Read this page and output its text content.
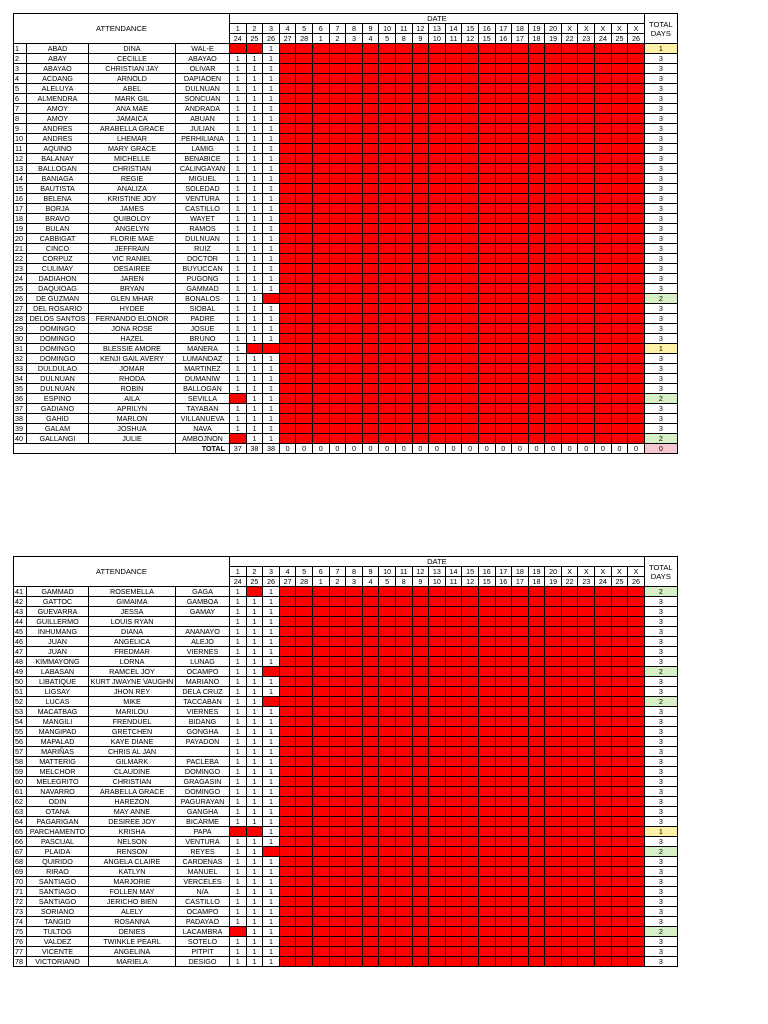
ATTENDANCE				DATE																									TOTAL
DAYS

				1	2	3	4	5	6	7	8	9	10	11	12	13	14	15	16	17	18	19	20	X	X	X	X	X	
				24	25	26	27	28	1	2	3	4	5	8	9	10	11	12	15	16	17	18	19	22	23	24	25	26	
1	ABAD	DINA	WAL-E			1																							1
2	ABAY	CECILLE	ABAYAO	1	1	1																							3
3	ABAYAO	CHRISTIAN JAY	OLIVAR	1	1	1																							3
4	ACDANG	ARNOLD	DAPIAOEN	1	1	1																							3
5	ALELUYA	ABEL	DULNUAN	1	1	1																							3
6	ALMENDRA	MARK GIL	SONCUAN	1	1	1																							3
7	AMOY	ANA MAE	ANDRADA	1	1	1																							3
8	AMOY	JAMAICA	ABUAN	1	1	1																							3
9	ANDRES	ARABELLA GRACE	JULIAN	1	1	1																							3
10	ANDRES	LHEMAR	PERHILIANA	1	1	1																							3
11	AQUINO	MARY GRACE	LAMIG	1	1	1																							3
12	BALANAY	MICHELLE	BENABICE	1	1	1																							3
13	BALLOGAN	CHRISTIAN	CALINGAYAN	1	1	1																							3
14	BANIAGA	REGIE	MIGUEL	1	1	1																							3
15	BAUTISTA	ANALIZA	SOLEDAD	1	1	1																							3
16	BELENA	KRISTINE JOY	VENTURA	1	1	1																							3
17	BORJA	JAMES	CASTILLO	1	1	1																							3
18	BRAVO	QUIBOLOY	WAYET	1	1	1																							3
19	BULAN	ANGELYN	RAMOS	1	1	1																							3
20	CABBIGAT	FLORIE MAE	DULNUAN	1	1	1																							3
21	CINCO	JEFFRAIN	RUIZ	1	1	1																							3
22	CORPUZ	VIC RANIEL	DOCTOR	1	1	1																							3
23	CULIMAY	DESAIREE	BUYUCCAN	1	1	1																							3
24	DADIAHON	JAREN	PUGONG	1	1	1																							3
25	DAQUIOAG	BRYAN	GAMMAD	1	1	1																							3
26	DE GUZMAN	GLEN MHAR	BONALOS	1	1																								2
27	DEL ROSARIO	HYDEE	SIOBAL	1	1	1																							3
28	DELOS SANTOS	FERNANDO ELONOR	PADRE	1	1	1																							3
29	DOMINGO	JONA ROSE	JOSUE	1	1	1																							3
30	DOMINGO	HAZEL	BRUNO	1	1	1																							3
31	DOMINGO	BLESSIE AMORE	MANERA	1																									1
32	DOMINGO	KENJI GAIL AVERY	LUMANDAZ	1	1	1																							3
33	DULDULAO	JOMAR	MARTINEZ	1	1	1																							3
34	DULNUAN	RHODA	DUMANIW	1	1	1																							3
35	DULNUAN	ROBIN	BALLOGAN	1	1	1																							3
36	ESPINO	AILA	SEVILLA		1	1																							2
37	GADIANO	APRILYN	TAYABAN	1	1	1																							3
38	GAHID	MARLON	VILLANUEVA	1	1	1																							3
39	GALAM	JOSHUA	NAVA	1	1	1																							3
40	GALLANGI	JULIE	AMBOJNON		1	1																							2
			TOTAL	37	38	38	0	0	0	0	0	0	0	0	0	0	0	0	0	0	0	0	0	0	0	0	0	0	0
ATTENDANCE				DATE																									TOTAL
DAYS

				1	2	3	4	5	6	7	8	9	10	11	12	13	14	15	16	17	18	19	20	X	X	X	X	X	
				24	25	26	27	28	1	2	3	4	5	8	9	10	11	12	15	16	17	18	19	22	23	24	25	26	
41	GAMMAD	ROSEMELLA	GAGA	1		1																							2
42	GATTOC	GIMAIMA	GAMBOA	1	1	1																							3
43	GUEVARRA	JESSA	GAMAY	1	1	1																							3
44	GUILLERMO	LOUIS RYAN		1	1	1																							3
45	INHUMANG	DIANA	ANANAYO	1	1	1																							3
46	JUAN	ANGELICA	ALEJO	1	1	1																							3
47	JUAN	FREDMAR	VIERNES	1	1	1																							3
48	KIMMAYONG	LORNA	LUNAG	1	1	1																							3
49	LABASAN	RAMCEL JOY	OCAMPO	1	1																								2
50	LIBATIQUE	KURT JWAYNE VAUGHN	MARIANO	1	1	1																							3
51	LIGSAY	JHON REY	DELA CRUZ	1	1	1																							3
52	LUCAS	MIKE	TACCABAN	1	1																								2
53	MACATBAG	MARILOU	VIERNES	1	1	1																							3
54	MANGILI	FRENDUEL	BIDANG	1	1	1																							3
55	MANGIPAD	GRETCHEN	GONGHA	1	1	1																							3
56	MAPALAD	KAYE DIANE	PAYADON	1	1	1																							3
57	MARIÑAS	CHRIS AL JAN		1	1	1																							3
58	MATTERIG	GILMARK	PACLEBA	1	1	1																							3
59	MELCHOR	CLAUDINE	DOMINGO	1	1	1																							3
60	MELEGRITO	CHRISTIAN	GRAGASIN	1	1	1																							3
61	NAVARRO	ARABELLA GRACE	DOMINGO	1	1	1																							3
62	ODIN	HAREZON	PAGURAYAN	1	1	1																							3
63	OTANA	MAY ANNE	GANGHA	1	1	1																							3
64	PAGARIGAN	DESIREE JOY	BICARME	1	1	1																							3
65	PARCHAMENTO	KRISHA	PAPA			1																							1
66	PASCUAL	NELSON	VENTURA	1	1	1																							3
67	PLAIDA	RENSON	REYES	1	1																								2
68	QUIRIDO	ANGELA CLAIRE	CARDENAS	1	1	1																							3
69	RIRAO	KATLYN	MANUEL	1	1	1																							3
70	SANTIAGO	MARJORIE	VERCELES	1	1	1																							3
71	SANTIAGO	FOLLEN MAY	N/A	1	1	1																							3
72	SANTIAGO	JERICHO BIEN	CASTILLO	1	1	1																							3
73	SORIANO	ALELY	OCAMPO	1	1	1																							3
74	TANGID	ROSANNA	PADAYAO	1	1	1																							3
75	TULTOG	DENIES	LACAMBRA		1	1																							2
76	VALDEZ	TWINKLE PEARL	SOTELO	1	1	1																							3
77	VICENTE	ANGELINA	PITPIT	1	1	1																							3
78	VICTORIANO	MARIELA	DESIGO	1	1	1																							3
